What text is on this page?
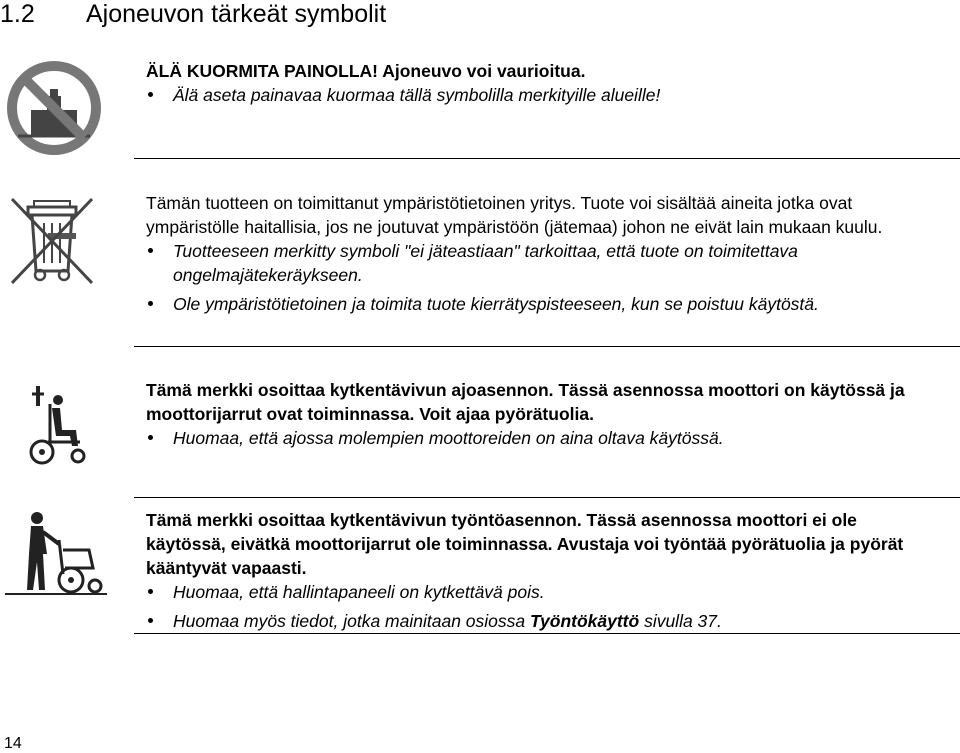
1.2 Ajoneuvon tärkeät symbolit

ÄLÄ KUORMITA PAINOLLA! Ajoneuvo voi vaurioitua.

Älä aseta painavaa kuormaa tällä symbolilla merkityille alueille!

Tämän tuotteen on toimittanut ympäristötietoinen yritys. Tuote voi sisältää aineita jotka ovat ympäristölle haitallisia, jos ne joutuvat ympäristöön (jätemaa) johon ne eivät lain mukaan kuulu.

Tuotteeseen merkitty symboli "ei jäteastiaan" tarkoittaa, että tuote on toimitettava ongelmajätekeräykseen.
Ole ympäristötietoinen ja toimita tuote kierrätyspisteeseen, kun se poistuu käytöstä.

Tämä merkki osoittaa kytkentävivun ajoasennon. Tässä asennossa moottori on käytössä ja moottorijarrut ovat toiminnassa. Voit ajaa pyörätuolia.

Huomaa, että ajossa molempien moottoreiden on aina oltava käytössä.

Tämä merkki osoittaa kytkentävivun työntöasennon. Tässä asennossa moottori ei ole käytössä, eivätkä moottorijarrut ole toiminnassa. Avustaja voi työntää pyörätuolia ja pyörät kääntyvät vapaasti.

Huomaa, että hallintapaneeli on kytkettävä pois.
Huomaa myös tiedot, jotka mainitaan osiossa Työntökäyttö sivulla 37.
14
